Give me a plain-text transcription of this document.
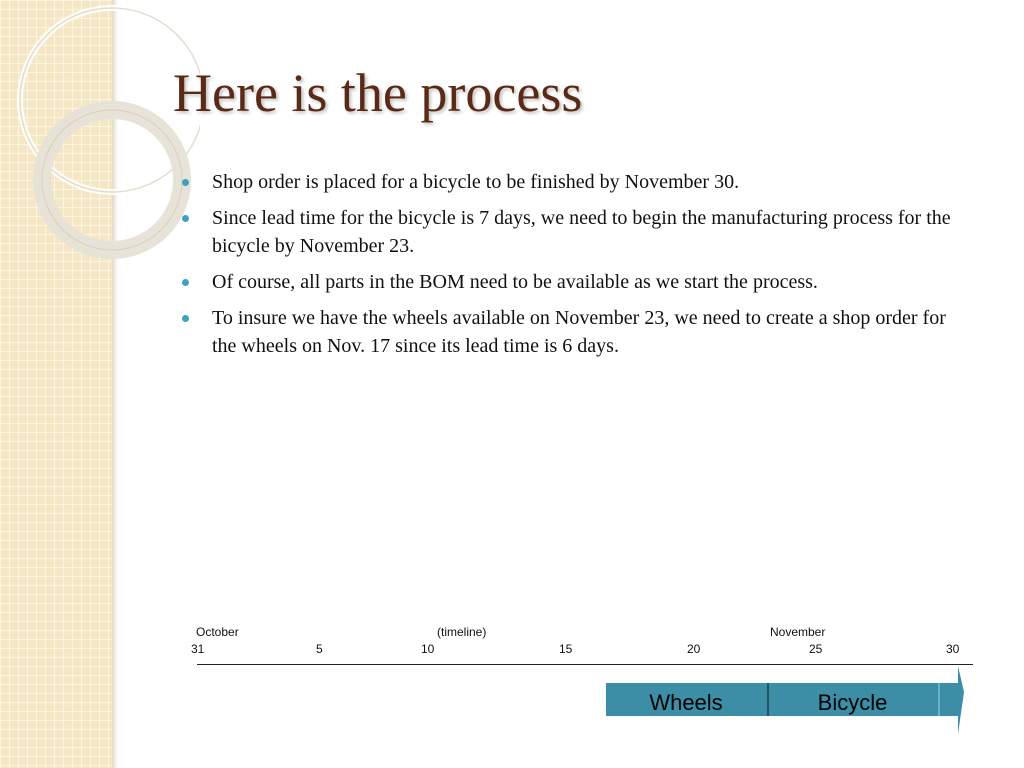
Here is the process
Shop order is placed for a bicycle to be finished by November 30.
Since lead time for the bicycle is 7 days, we need to begin the manufacturing process for the bicycle by November 23.
Of course, all parts in the BOM need to be available as we start the process.
To insure we have the wheels available on November 23, we need to create a shop order for the wheels on Nov. 17 since its lead time is 6 days.
October	(timeline)	November
31	5	10	15	20	25	30
Wheels	Bicycle
